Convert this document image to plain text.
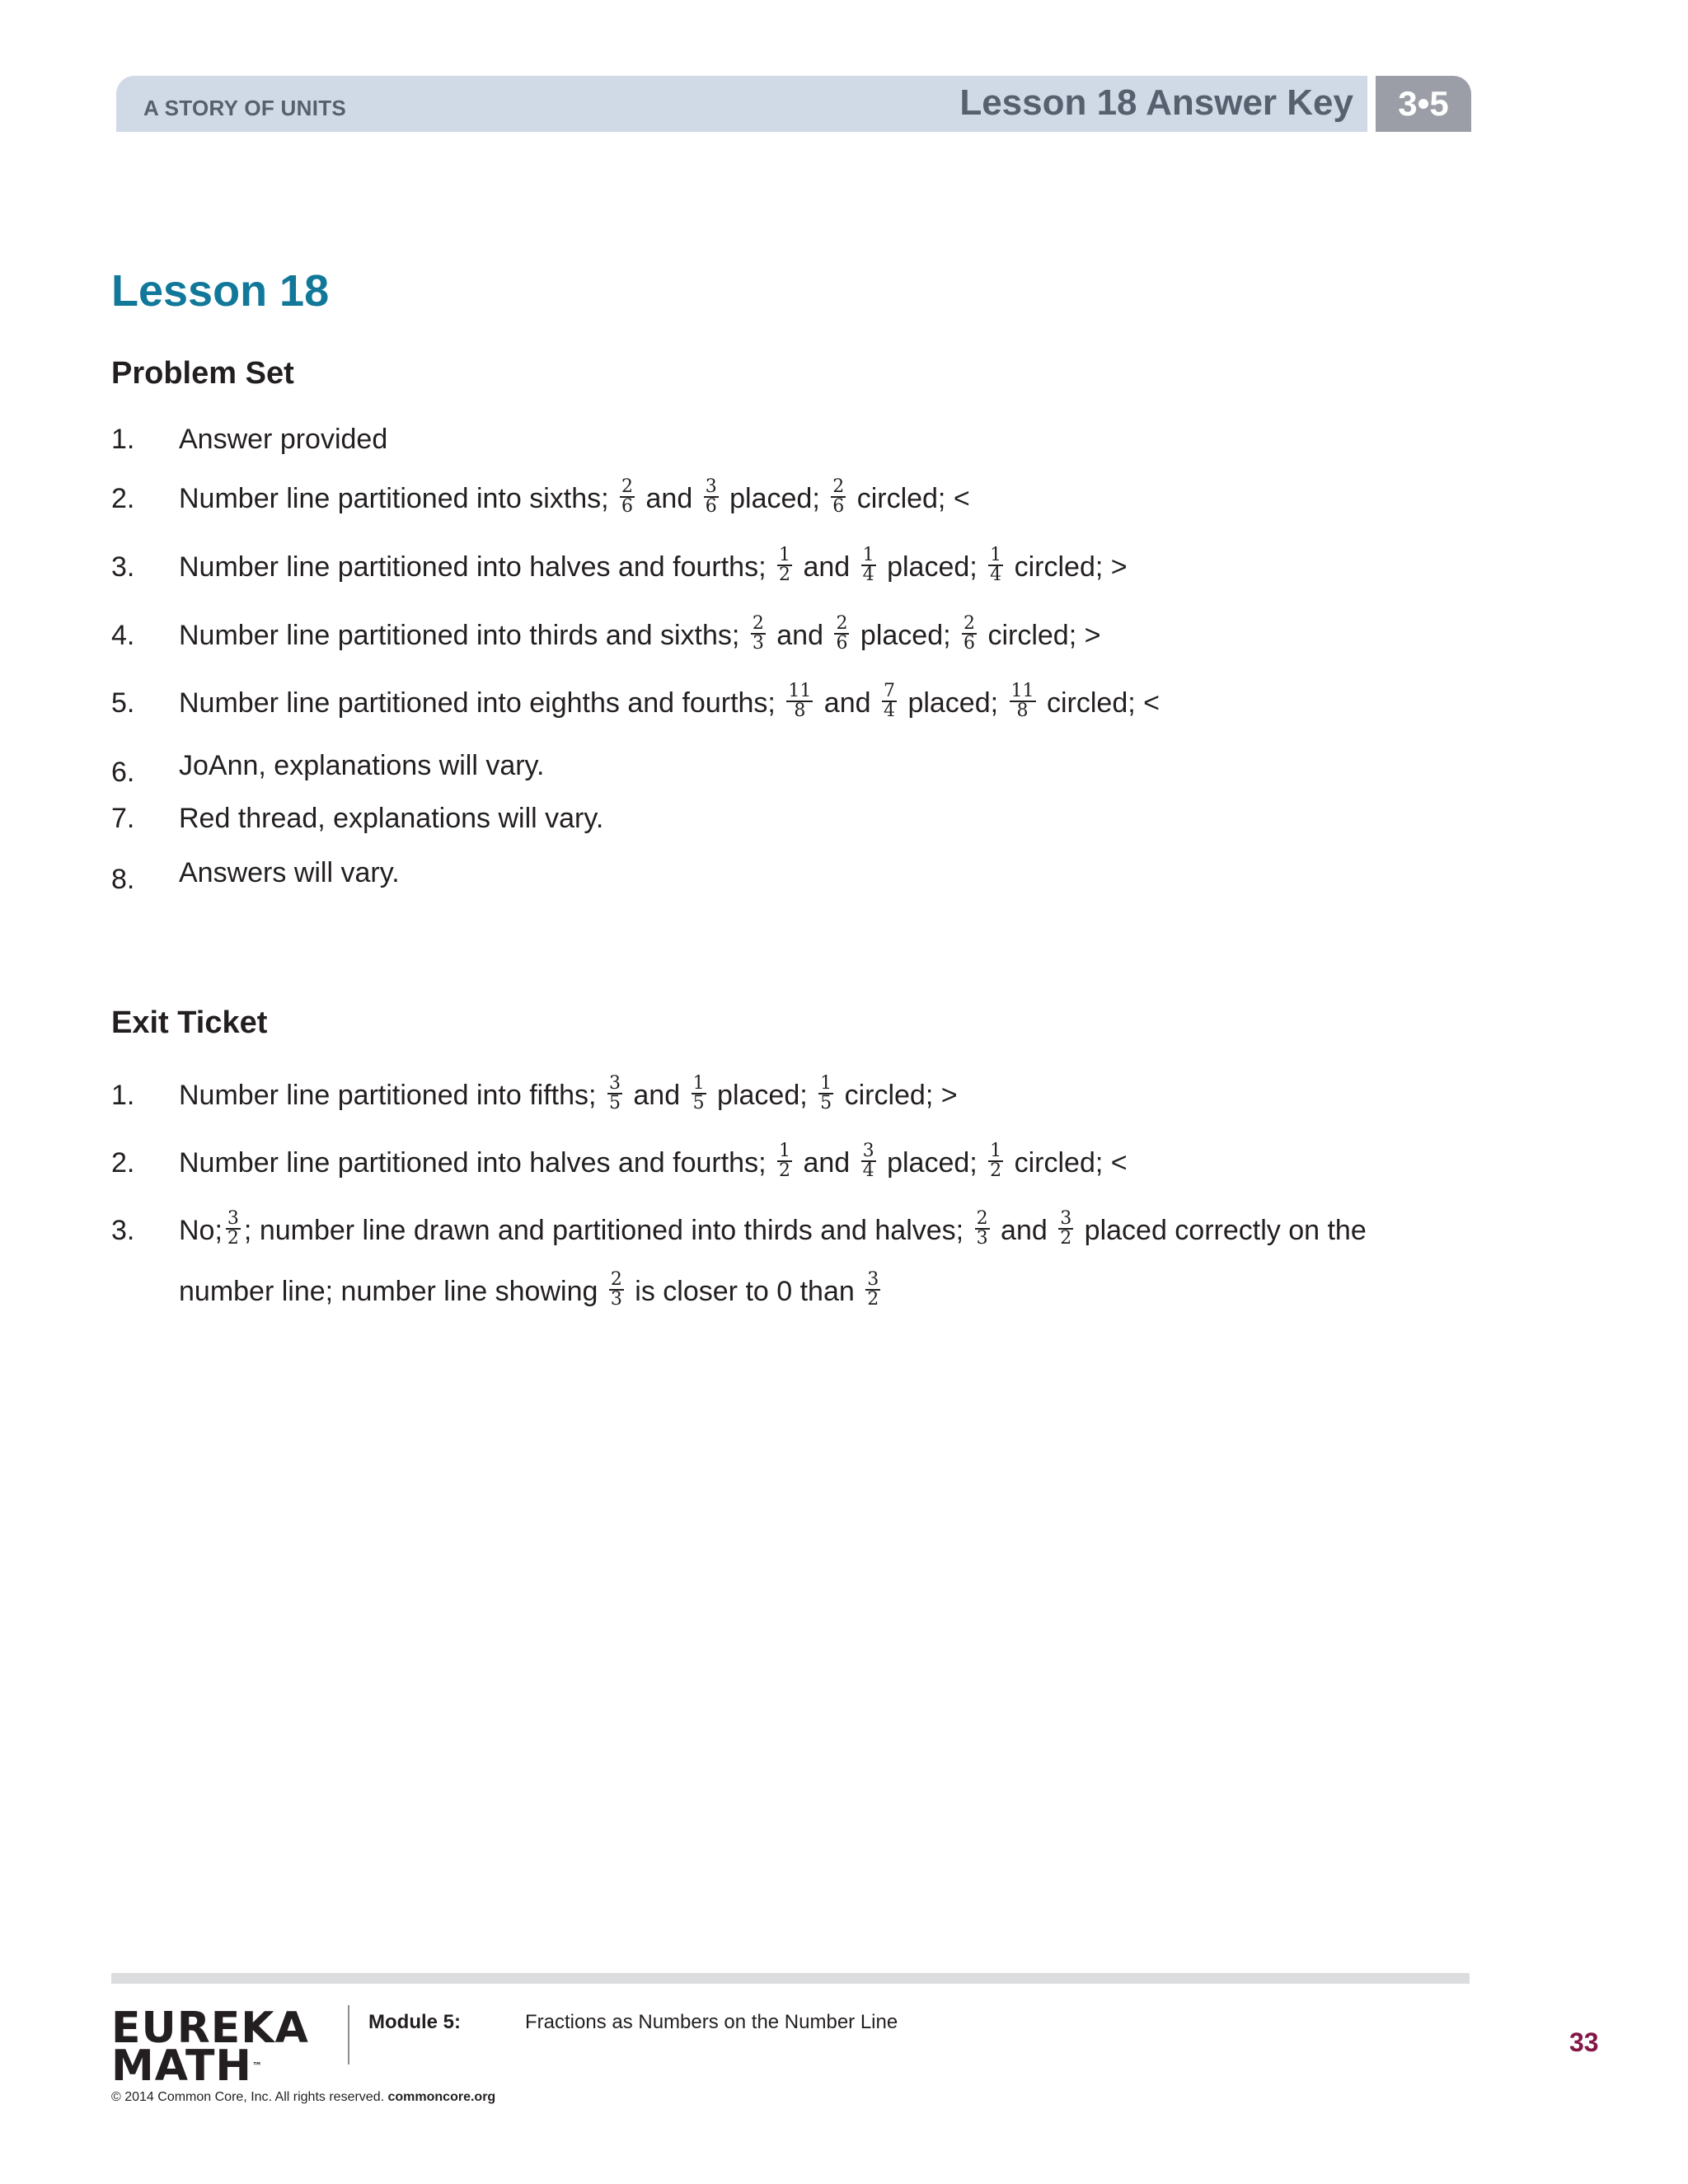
A STORY OF UNITS	Lesson 18 Answer Key	3•5
Lesson 18
Problem Set
1.	Answer provided
2.	Number line partitioned into sixths; $\frac{2}{6}$ and $\frac{3}{6}$ placed; $\frac{2}{6}$ circled; <
3.	Number line partitioned into halves and fourths; $\frac{1}{2}$ and $\frac{1}{4}$ placed; $\frac{1}{4}$ circled; >
4.	Number line partitioned into thirds and sixths; $\frac{2}{3}$ and $\frac{2}{6}$ placed; $\frac{2}{6}$ circled; >
5.	Number line partitioned into eighths and fourths; $\frac{11}{8}$ and $\frac{7}{4}$ placed; $\frac{11}{8}$ circled; <
6.	JoAnn, explanations will vary.
7.	Red thread, explanations will vary.
8.	Answers will vary.
Exit Ticket
1.	Number line partitioned into fifths; $\frac{3}{5}$ and $\frac{1}{5}$ placed; $\frac{1}{5}$ circled; >
2.	Number line partitioned into halves and fourths; $\frac{1}{2}$ and $\frac{3}{4}$ placed; $\frac{1}{2}$ circled; <
3.	No; $\frac{3}{2}$ ; number line drawn and partitioned into thirds and halves; $\frac{2}{3}$ and $\frac{3}{2}$ placed correctly on the
number line; number line showing $\frac{2}{3}$ is closer to 0 than $\frac{3}{2}$
EUREKA
MATH™
Module 5:	Fractions as Numbers on the Number Line
33
© 2014 Common Core, Inc. All rights reserved. commoncore.org
